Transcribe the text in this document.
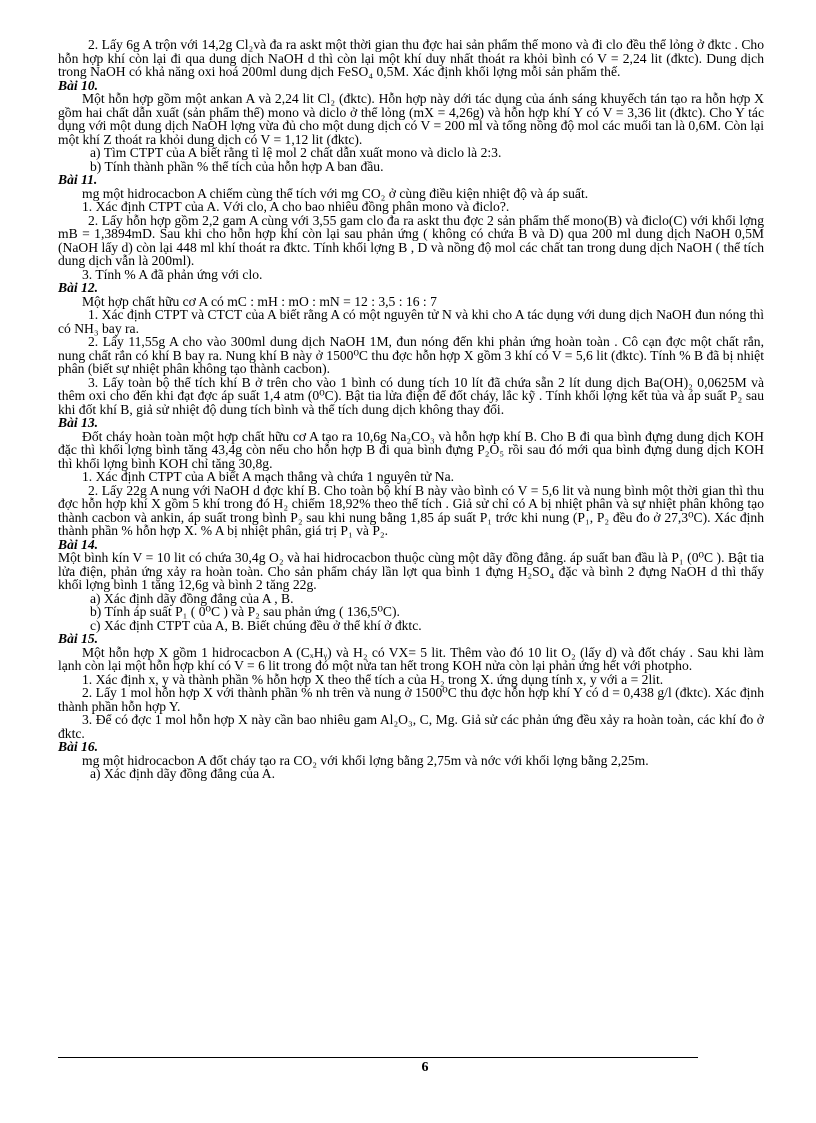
2. Lấy 6g A trộn với 14,2g Cl₂và đa ra askt một thời gian thu đợc hai sản phẩm thế mono và đi clo đều thể lỏng ở đktc . Cho hỗn hợp khí còn lại đi qua dung dịch NaOH d thì còn lại một khí duy nhất thoát ra khỏi bình có V = 2,24 lit (đktc). Dung dịch trong NaOH có khả năng oxi hoá 200ml dung dịch FeSO₄ 0,5M. Xác định khối lợng mỗi sản phẩm thế.

Bài 10.

Một hỗn hợp gồm một ankan A và 2,24 lit Cl₂ (đktc). Hỗn hợp này dới tác dụng của ánh sáng khuyếch tán tạo ra hỗn hợp X gồm hai chất dẫn xuất (sản phẩm thế) mono và diclo ở thể lỏng (mX = 4,26g) và hỗn hợp khí Y có V = 3,36 lit (đktc). Cho Y tác dụng với một dung dịch NaOH lợng vừa đủ cho một dung dịch có V = 200 ml và tổng nồng độ mol các muối tan là 0,6M. Còn lại một khí Z thoát ra khỏi dung dịch có V = 1,12 lit (đktc).

a) Tìm CTPT của A biết rằng tỉ lệ mol 2 chất dẫn xuất mono và diclo là 2:3.

b) Tính thành phần % thể tích của hỗn hợp A ban đầu.

Bài 11.

mg một hidrocacbon A chiếm cùng thể tích với mg CO₂ ở cùng điều kiện nhiệt độ và áp suất.

1. Xác định CTPT của A. Với clo, A cho bao nhiêu đồng phân mono và điclo?.

2. Lấy hỗn hợp gồm 2,2 gam A cùng với 3,55 gam clo đa ra askt thu đợc 2 sản phẩm thế mono(B) và điclo(C) với khối lợng mB = 1,3894mD. Sau khi cho hỗn hợp khí còn lại sau phản ứng ( không có chứa B và D) qua 200 ml dung dịch NaOH 0,5M (NaOH lấy d) còn lại 448 ml khí thoát ra đktc. Tính khối lợng B , D và nồng độ mol các chất tan trong dung dịch NaOH ( thể tích dung dịch vẫn là 200ml).

3. Tính % A đã phản ứng với clo.

Bài 12.

Một hợp chất hữu cơ A có mC : mH : mO : mN = 12 : 3,5 : 16 : 7

1. Xác định CTPT và CTCT của A biết rằng A có một nguyên tử N và khi cho A tác dụng với dung dịch NaOH đun nóng thì có NH₃ bay ra.

2. Lấy 11,55g A cho vào 300ml dung dịch NaOH 1M, đun nóng đến khi phản ứng hoàn toàn . Cô cạn đợc một chất rắn, nung chất rắn có khí B bay ra. Nung khí B này ở 1500⁰C thu đợc hỗn hợp X gồm 3 khí có V = 5,6 lit (đktc). Tính % B đã bị nhiệt phân (biết sự nhiệt phân không tạo thành cacbon).

3. Lấy toàn bộ thể tích khí B ở trên cho vào 1 bình có dung tích 10 lít đã chứa sẵn 2 lít dung dịch Ba(OH)₂ 0,0625M và thêm oxi cho đến khi đạt đợc áp suất 1,4 atm (0⁰C). Bật tia lửa điện để đốt cháy, lắc kỹ . Tính khối lợng kết tủa và áp suất P₂ sau khi đốt khí B, giả sử nhiệt độ dung tích bình và thể tích dung dịch không thay đổi.

Bài 13.

Đốt cháy hoàn toàn một hợp chất hữu cơ A tạo ra 10,6g Na₂CO₃ và hỗn hợp khí B. Cho B đi qua bình đựng dung dịch KOH đặc thì khối lợng bình tăng 43,4g còn nếu cho hỗn hợp B đi qua bình đựng P₂O₅ rồi sau đó mới qua bình đựng dung dịch KOH thì khối lợng bình KOH chỉ tăng 30,8g.

1. Xác định CTPT của A biết A mạch thẳng và chứa 1 nguyên tử Na.

2. Lấy 22g A nung với NaOH d đợc khí B. Cho toàn bộ khí B này vào bình có V = 5,6 lit và nung bình một thời gian thì thu đợc hỗn hợp khí X gồm 5 khí trong đó H₂ chiếm 18,92% theo thể tích . Giả sử chỉ có A bị nhiệt phân và sự nhiệt phân không tạo thành cacbon và ankin, áp suất trong bình P₂ sau khi nung bằng 1,85 áp suất P₁ trớc khi nung (P₁, P₂ đều đo ở 27,3⁰C). Xác định thành phần % hỗn hợp X. % A bị nhiệt phân, giá trị P₁ và P₂.

Bài 14.

Một bình kín V = 10 lit có chứa 30,4g O₂ và hai hidrocacbon thuộc cùng một dãy đồng đẳng. áp suất ban đầu là P₁ (0⁰C ). Bật tia lửa điện, phản ứng xảy ra hoàn toàn. Cho sản phẩm cháy lần lợt qua bình 1 đựng H₂SO₄ đặc và bình 2 đựng NaOH d thì thấy khối lợng bình 1 tăng 12,6g và bình 2 tăng 22g.

a) Xác định dãy đồng đẳng của A , B.

b) Tính áp suất P₁ ( 0⁰C ) và P₂ sau phản ứng ( 136,5⁰C).

c) Xác định CTPT của A, B. Biết chúng đều ở thể khí ở đktc.

Bài 15.

Một hỗn hợp X gồm 1 hidrocacbon A (CₓHᵧ) và H₂ có VX= 5 lit. Thêm vào đó 10 lit O₂ (lấy d) và đốt cháy . Sau khi làm lạnh còn lại một hỗn hợp khí có V = 6 lit trong đó một nửa tan hết trong KOH nửa còn lại phản ứng hết với photpho.

1. Xác định x, y và thành phần % hỗn hợp X theo thể tích a của H₂ trong X. ứng dụng tính x, y với a = 2lit.

2. Lấy 1 mol hỗn hợp X với thành phần % nh trên và nung ở 1500⁰C thu đợc hỗn hợp khí Y có d = 0,438 g/l (đktc). Xác định thành phần hỗn hợp Y.

3. Để có đợc 1 mol hỗn hợp X này cần bao nhiêu gam Al₂O₃, C, Mg. Giả sử các phản ứng đều xảy ra hoàn toàn, các khí đo ở đktc.

Bài 16.

mg một hidrocacbon A đốt cháy tạo ra CO₂ với khối lợng bằng 2,75m và nớc với khối lợng bằng 2,25m.

a) Xác định dãy đồng đẳng của A.

6
